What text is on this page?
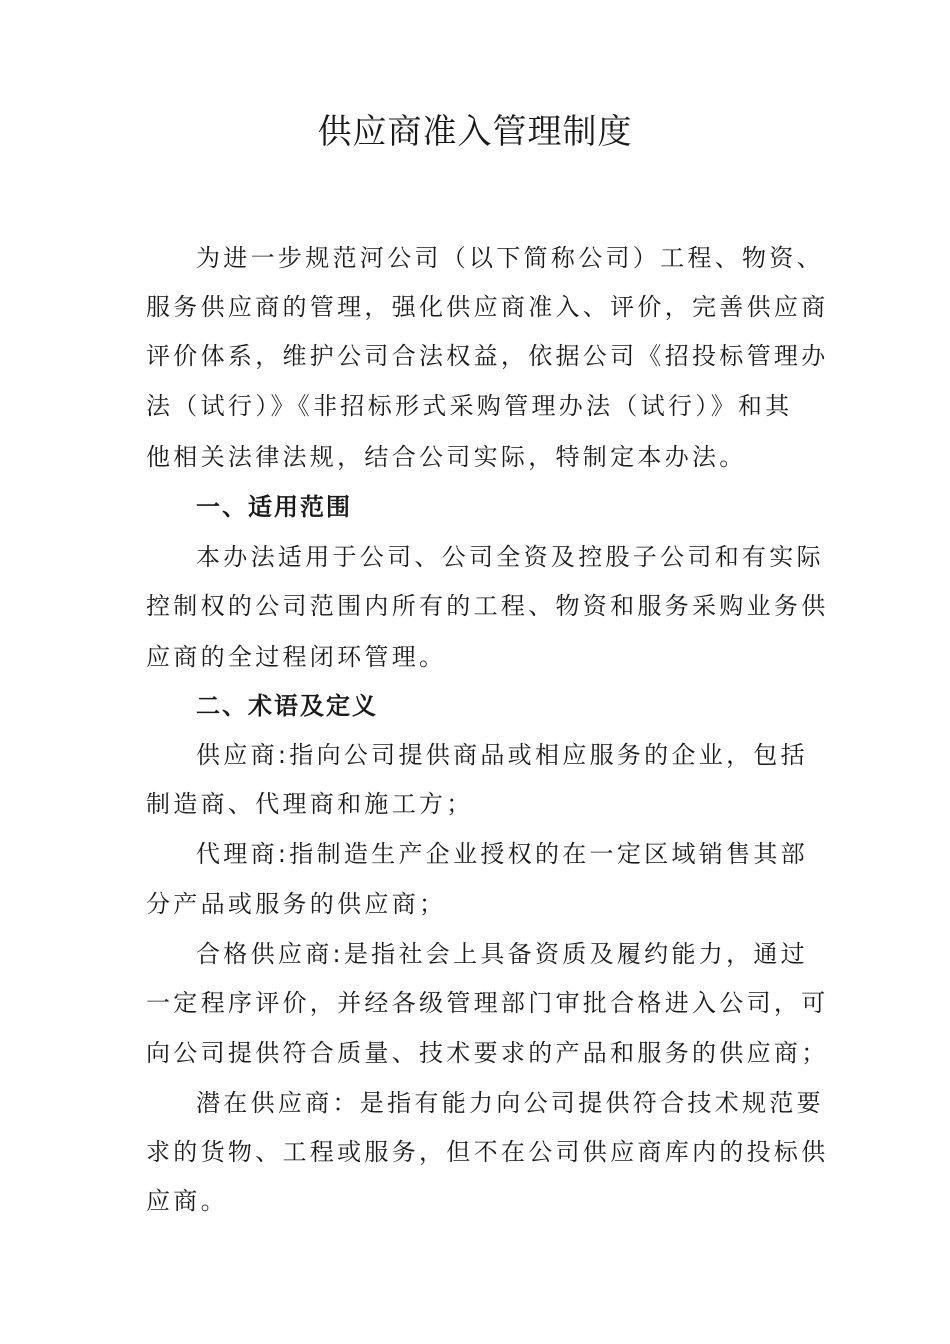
供应商准入管理制度
为进一步规范河公司（以下简称公司）工程、物资、
服务供应商的管理，强化供应商准入、评价，完善供应商
评价体系，维护公司合法权益，依据公司《招投标管理办
法（试行）》《非招标形式采购管理办法（试行）》和其
他相关法律法规，结合公司实际，特制定本办法。
一、适用范围
本办法适用于公司、公司全资及控股子公司和有实际
控制权的公司范围内所有的工程、物资和服务采购业务供
应商的全过程闭环管理。
二、术语及定义
供应商:指向公司提供商品或相应服务的企业，包括
制造商、代理商和施工方；
代理商:指制造生产企业授权的在一定区域销售其部
分产品或服务的供应商；
合格供应商:是指社会上具备资质及履约能力，通过
一定程序评价，并经各级管理部门审批合格进入公司，可
向公司提供符合质量、技术要求的产品和服务的供应商；
潜在供应商：是指有能力向公司提供符合技术规范要
求的货物、工程或服务，但不在公司供应商库内的投标供
应商。
